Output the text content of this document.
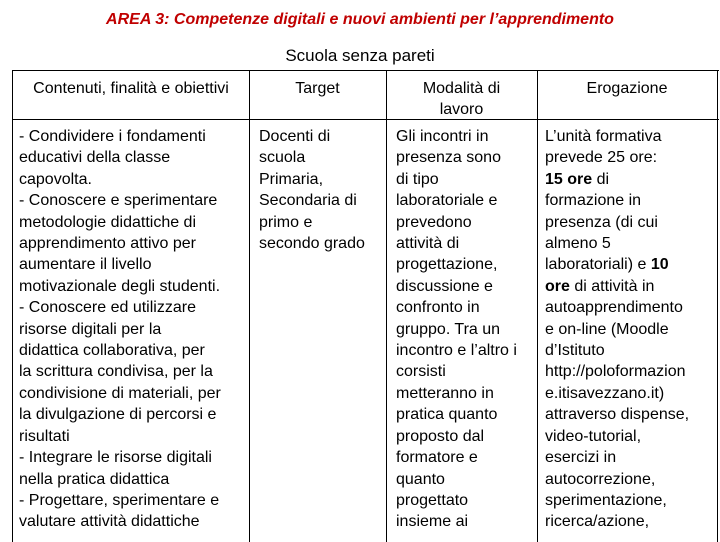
AREA 3: Competenze digitali e nuovi ambienti per l’apprendimento
Scuola senza pareti
Contenuti, finalità e obiettivi	Target	Modalità di
lavoro
Erogazione
- Condividere i fondamenti
educativi della classe
capovolta.
- Conoscere e sperimentare
metodologie didattiche di
apprendimento attivo per
aumentare il livello
motivazionale degli studenti.
- Conoscere ed utilizzare
risorse digitali per la
didattica collaborativa, per
la scrittura condivisa, per la
condivisione di materiali, per
la divulgazione di percorsi e
risultati
- Integrare le risorse digitali
nella pratica didattica
- Progettare, sperimentare e
valutare attività didattiche
Docenti di
scuola
Primaria,
Secondaria di
primo e
secondo grado
Gli incontri in
presenza sono
di tipo
laboratoriale e
prevedono
attività di
progettazione,
discussione e
confronto in
gruppo. Tra un
incontro e l’altro i
corsisti
metteranno in
pratica quanto
proposto dal
formatore e
quanto
progettato
insieme ai
L’unità formativa
prevede 25 ore:
15 ore di
formazione in
presenza (di cui
almeno 5
laboratoriali) e 10
ore di attività in
autoapprendimento
e on-line (Moodle
d’Istituto
http://poloformazion
e.itisavezzano.it)
attraverso dispense,
video-tutorial,
esercizi in
autocorrezione,
sperimentazione,
ricerca/azione,
